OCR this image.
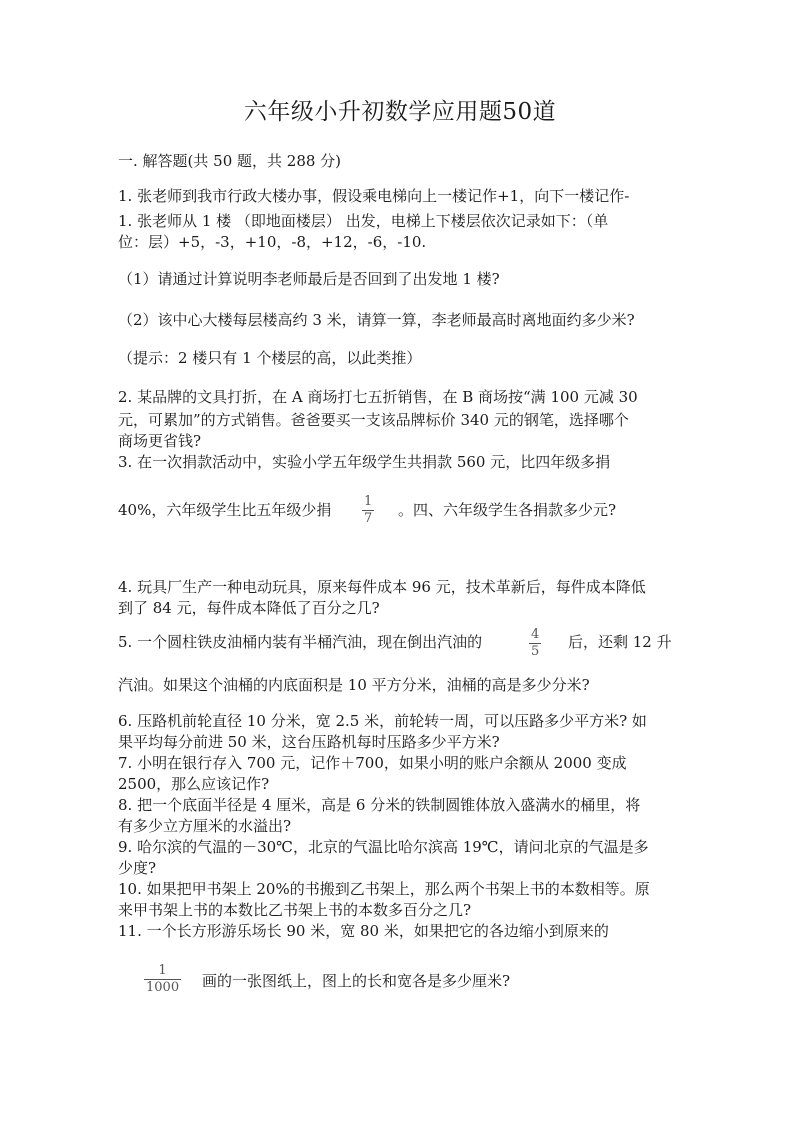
六年级小升初数学应用题50道
一. 解答题(共 50 题，共 288 分)
1. 张老师到我市行政大楼办事，假设乘电梯向上一楼记作+1，向下一楼记作-
1. 张老师从 1 楼 （即地面楼层） 出发，电梯上下楼层依次记录如下：（单
位：层）+5，-3，+10，-8，+12，-6，-10.
（1）请通过计算说明李老师最后是否回到了出发地 1 楼?
（2）该中心大楼每层楼高约 3 米，请算一算，李老师最高时离地面约多少米?
（提示：2 楼只有 1 个楼层的高，以此类推）
2. 某品牌的文具打折，在 A 商场打七五折销售，在 B 商场按“满 100 元减 30
元，可累加”的方式销售。爸爸要买一支该品牌标价 340 元的钢笔，选择哪个
商场更省钱?
3. 在一次捐款活动中，实验小学五年级学生共捐款 560 元，比四年级多捐
40%，六年级学生比五年级少捐 $\frac{1}{7}$ 。四、六年级学生各捐款多少元?
4. 玩具厂生产一种电动玩具，原来每件成本 96 元，技术革新后，每件成本降低
到了 84 元，每件成本降低了百分之几?
5. 一个圆柱铁皮油桶内装有半桶汽油，现在倒出汽油的	$\frac{4}{5}$ 后，还剩 12 升
汽油。如果这个油桶的内底面积是 10 平方分米，油桶的高是多少分米?
6. 压路机前轮直径 10 分米，宽 2.5 米，前轮转一周，可以压路多少平方米? 如
果平均每分前进 50 米，这台压路机每时压路多少平方米?
7. 小明在银行存入 700 元，记作＋700，如果小明的账户余额从 2000 变成
2500，那么应该记作?
8. 把一个底面半径是 4 厘米，高是 6 分米的铁制圆锥体放入盛满水的桶里，将
有多少立方厘米的水溢出?
9. 哈尔滨的气温的－30℃，北京的气温比哈尔滨高 19℃，请问北京的气温是多
少度?
10. 如果把甲书架上 20%的书搬到乙书架上，那么两个书架上书的本数相等。原
来甲书架上书的本数比乙书架上书的本数多百分之几?
11. 一个长方形游乐场长 90 米，宽 80 米，如果把它的各边缩小到原来的
$\frac{1}{1000}$ 画的一张图纸上，图上的长和宽各是多少厘米?
